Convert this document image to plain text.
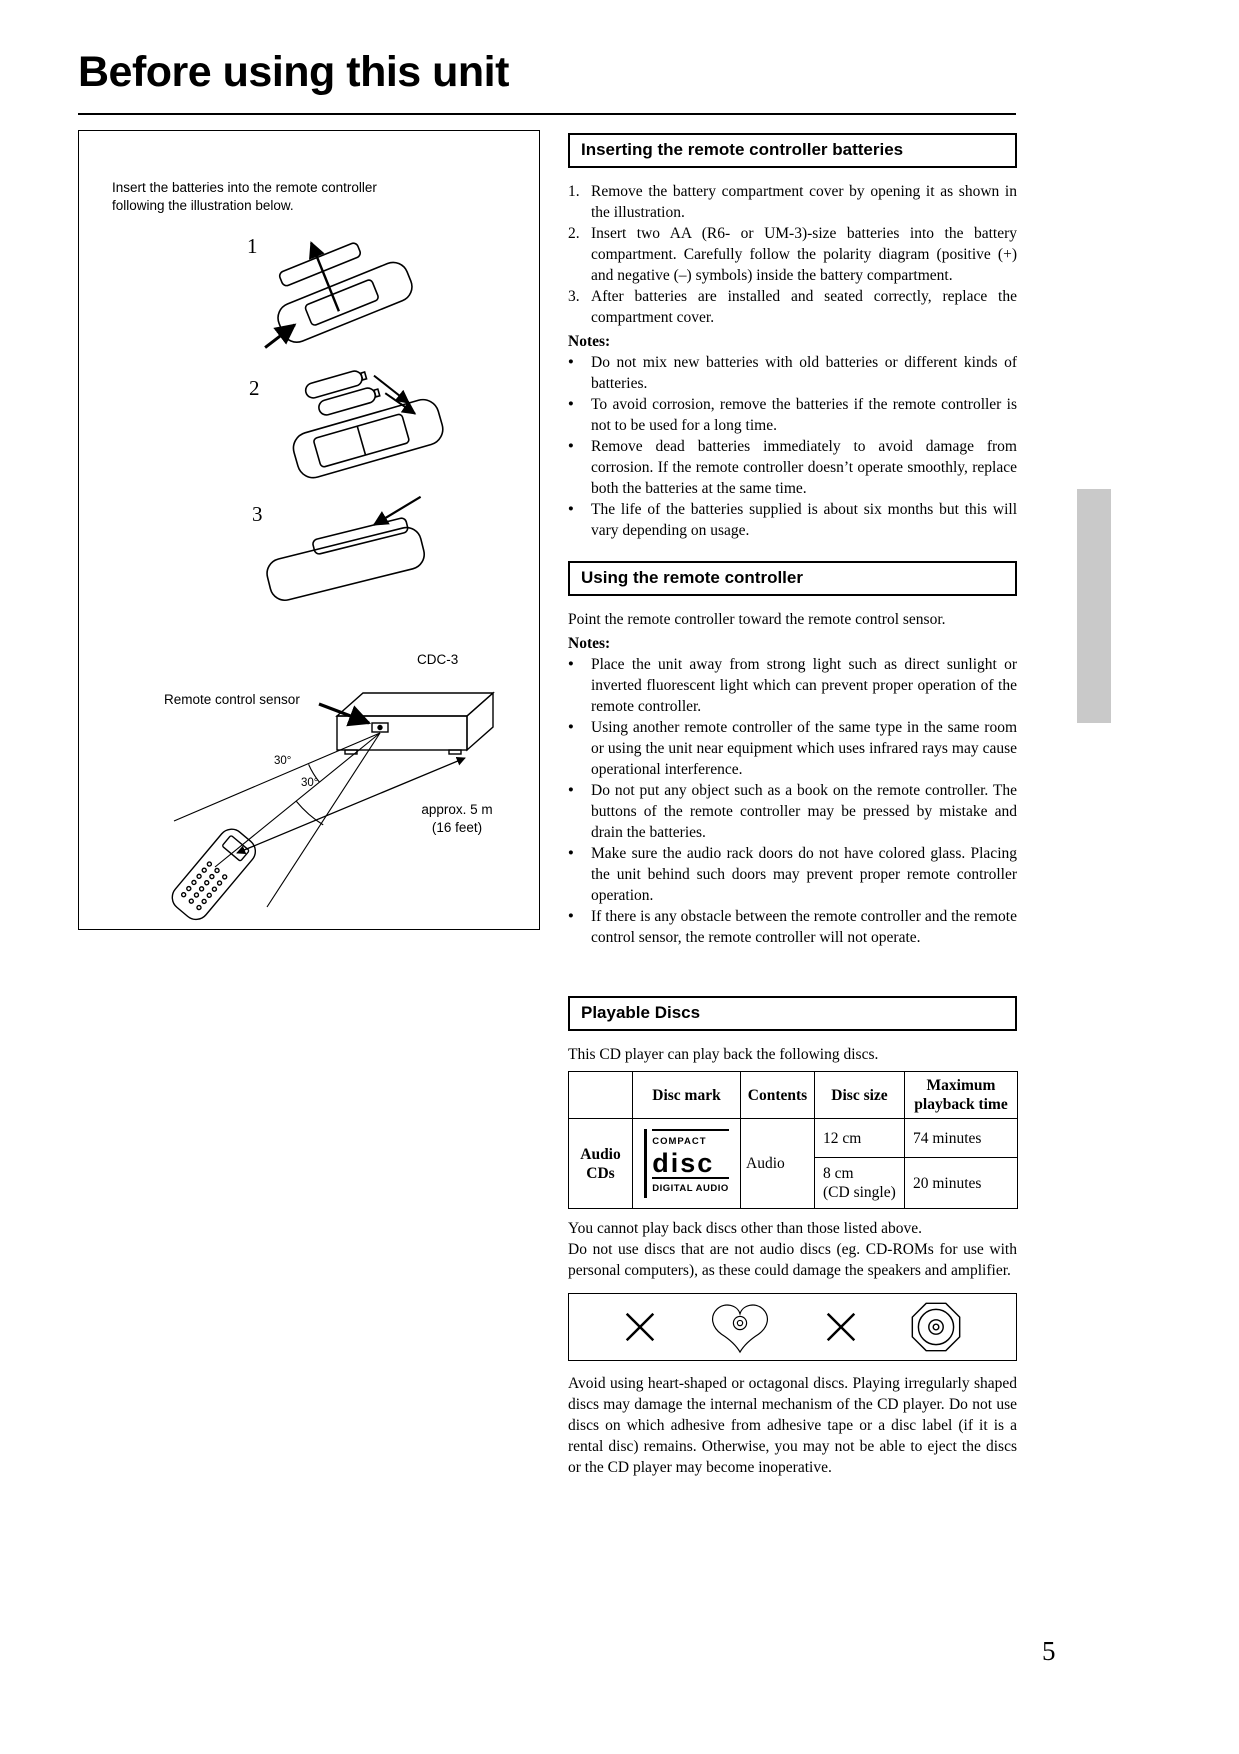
Before using this unit
Insert the batteries into the remote controller following the illustration below.
1
2
3
CDC-3
Remote control sensor
30°
30°
approx. 5 m
(16 feet)
Inserting the remote controller batteries
1. Remove the battery compartment cover by opening it as shown in the illustration.
2. Insert two AA (R6- or UM-3)-size batteries into the battery compartment. Carefully follow the polarity diagram (positive (+) and negative (–) symbols) inside the battery compartment.
3. After batteries are installed and seated correctly, replace the compartment cover.
Notes:
● Do not mix new batteries with old batteries or different kinds of batteries.
● To avoid corrosion, remove the batteries if the remote controller is not to be used for a long time.
● Remove dead batteries immediately to avoid damage from corrosion. If the remote controller doesn’t operate smoothly, replace both the batteries at the same time.
● The life of the batteries supplied is about six months but this will vary depending on usage.
Using the remote controller

Point the remote controller toward the remote control sensor.

Notes:
● Place the unit away from strong light such as direct sunlight or inverted fluorescent light which can prevent proper operation of the remote controller.
● Using another remote controller of the same type in the same room or using the unit near equipment which uses infrared rays may cause operational interference.
● Do not put any object such as a book on the remote controller. The buttons of the remote controller may be pressed by mistake and drain the batteries.
● Make sure the audio rack doors do not have colored glass. Placing the unit behind such doors may prevent proper remote controller operation.
● If there is any obstacle between the remote controller and the remote control sensor, the remote controller will not operate.
Playable Discs

This CD player can play back the following discs.

	Disc mark	Contents	Disc size	Maximum playback time
Audio CDs	COMPACT
disc
DIGITAL AUDIO	Audio	12 cm	74 minutes

			8 cm
(CD single)	20 minutes

You cannot play back discs other than those listed above.

Do not use discs that are not audio discs (eg. CD-ROMs for use with personal computers), as these could damage the speakers and amplifier.

Avoid using heart-shaped or octagonal discs. Playing irregularly shaped discs may damage the internal mechanism of the CD player. Do not use discs on which adhesive from adhesive tape or a disc label (if it is a rental disc) remains. Otherwise, you may not be able to eject the discs or the CD player may become inoperative.

5
